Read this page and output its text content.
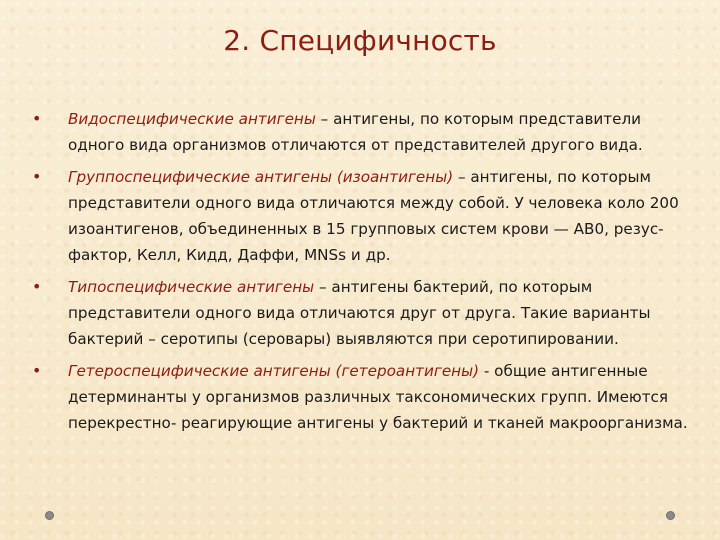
2. Специфичность
• Видоспецифические антигены – антигены, по которым представители одного вида организмов отличаются от представителей другого вида.
• Группоспецифические антигены (изоантигены) – антигены, по которым представители одного вида отличаются между собой. У человека коло 200 изоантигенов, объединенных в 15 групповых систем крови — АВ0, резус-фактор, Келл, Кидд, Даффи, MNSs и др.
• Типоспецифические антигены – антигены бактерий, по которым представители одного вида отличаются друг от друга. Такие варианты бактерий – серотипы (серовары) выявляются при серотипировании.
• Гетероспецифические антигены (гетероантигены) - общие антигенные детерминанты у организмов различных таксономических групп. Имеются перекрестно- реагирующие антигены у бактерий и тканей макроорганизма.
